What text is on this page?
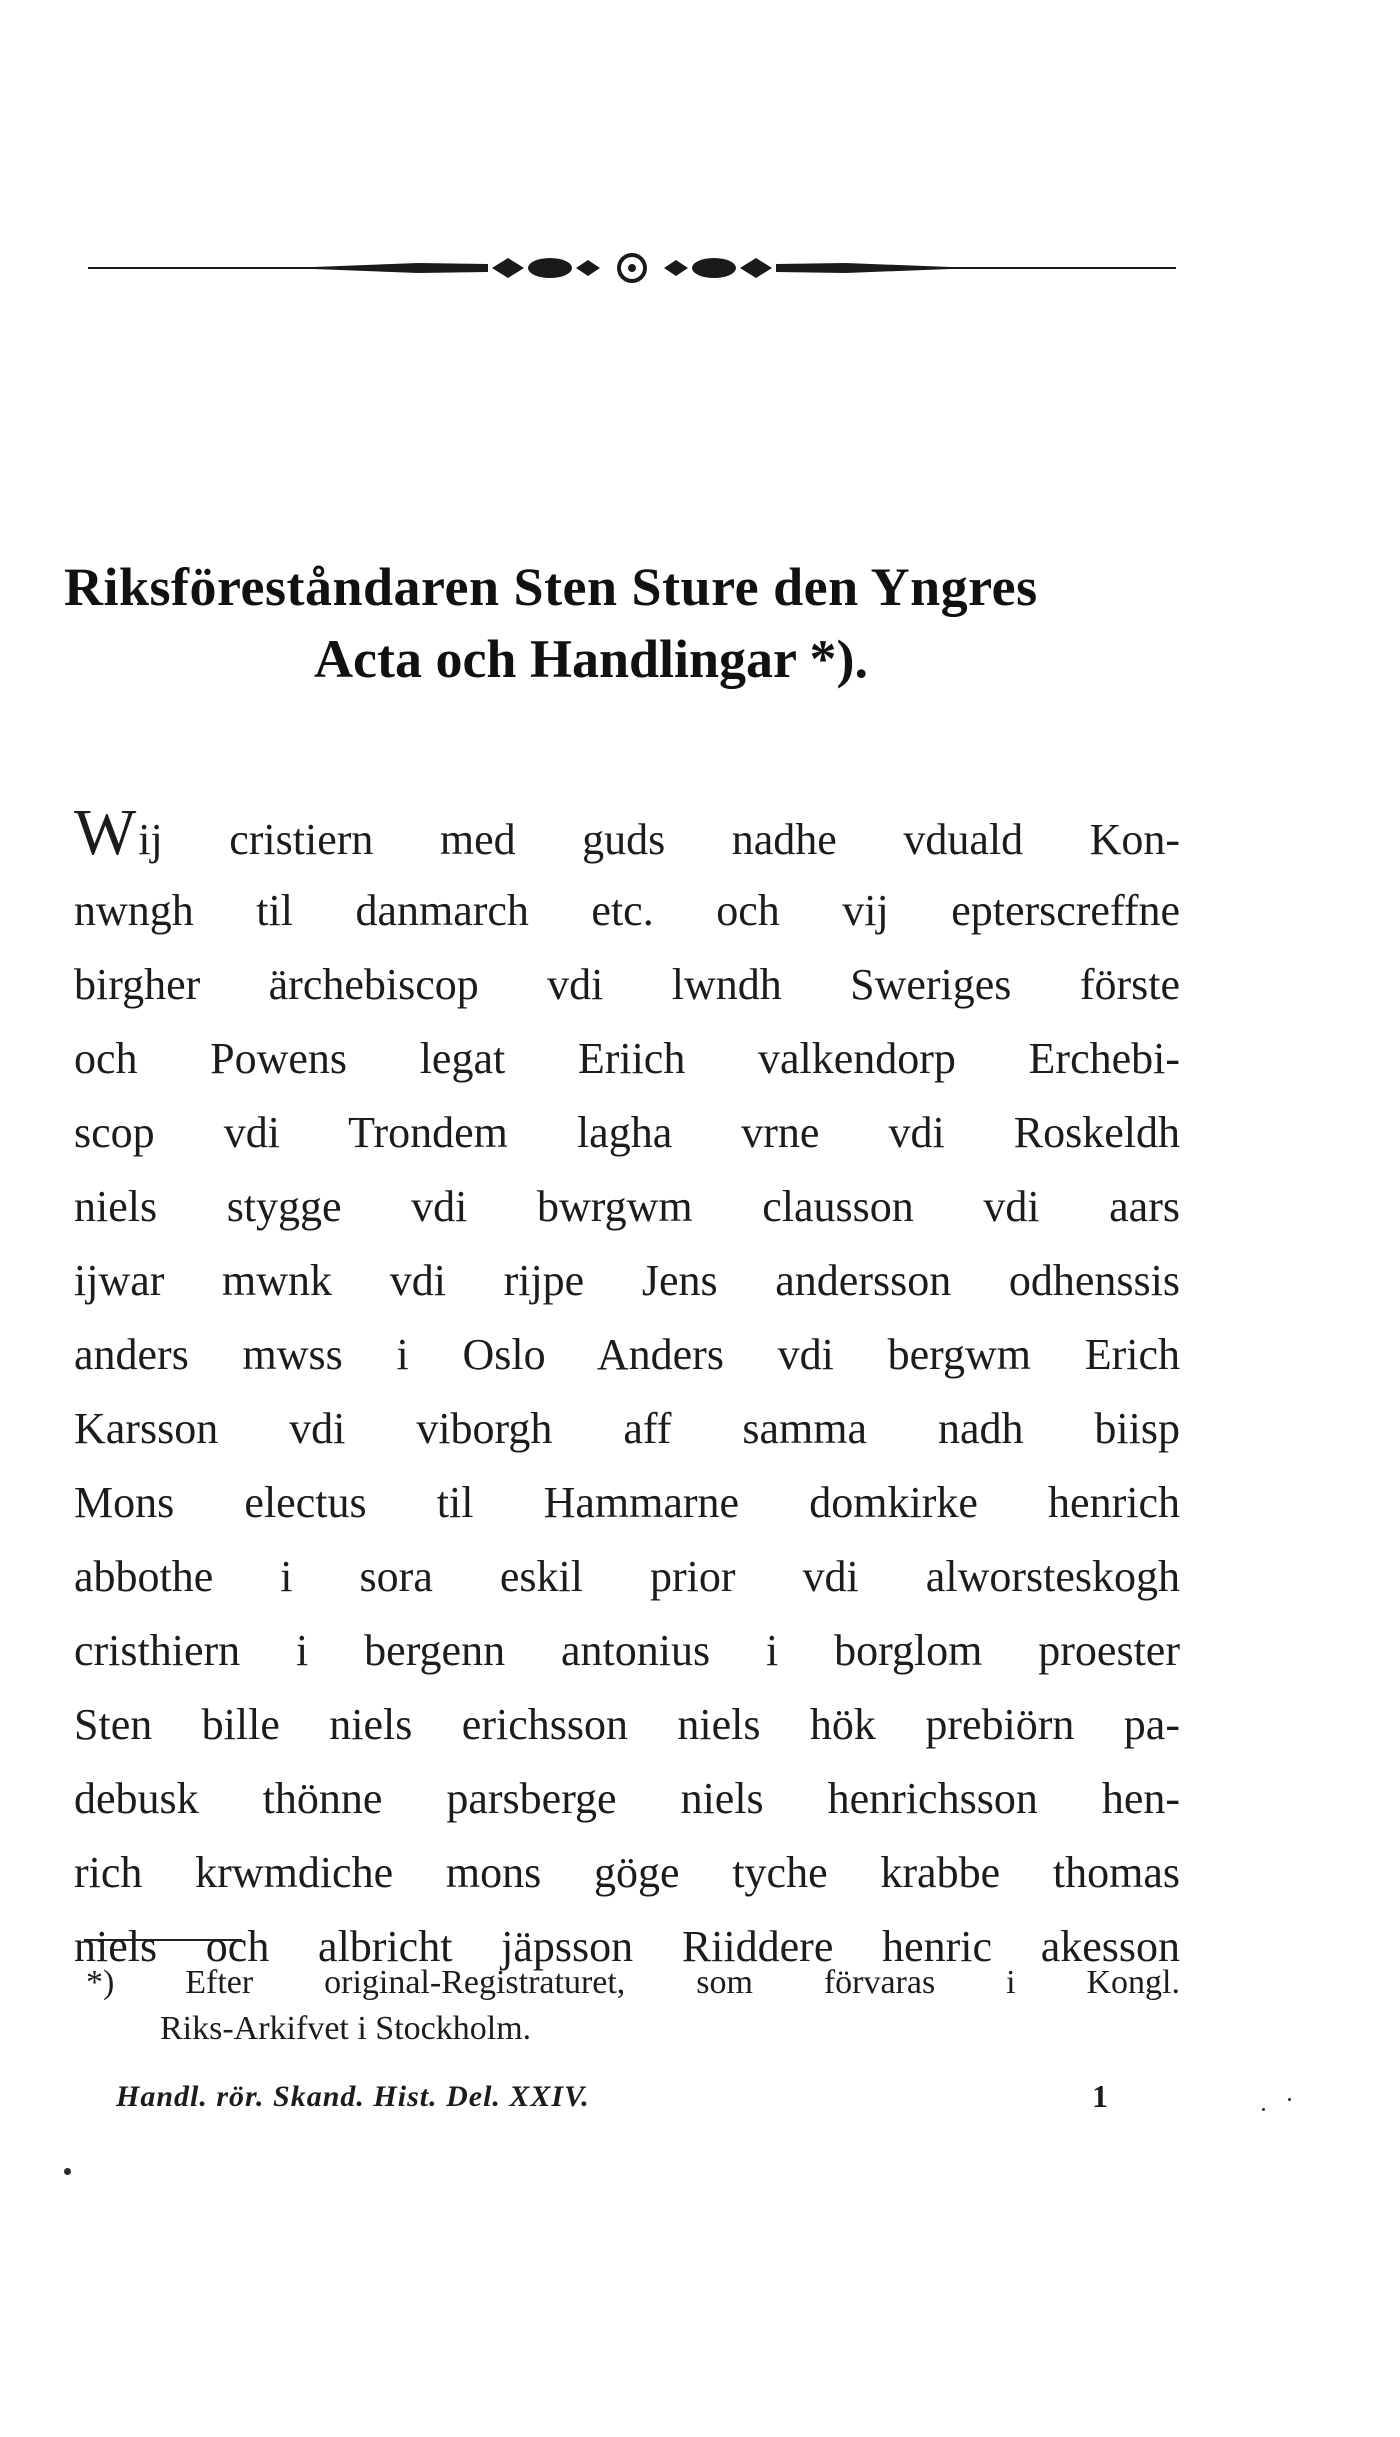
Riksföreståndaren Sten Sture den Yngres
Acta och Handlingar *).
Wij cristiern med guds nadhe vduald Kon-
nwngh til danmarch etc. och vij epterscreffne
birgher ärchebiscop vdi lwndh Sweriges förste
och Powens legat Eriich valkendorp Erchebi-
scop vdi Trondem lagha vrne vdi Roskeldh
niels stygge vdi bwrgwm clausson vdi aars
ijwar mwnk vdi rijpe Jens andersson odhenssis
anders mwss i Oslo Anders vdi bergwm Erich
Karsson vdi viborgh aff samma nadh biisp
Mons electus til Hammarne domkirke henrich
abbothe i sora eskil prior vdi alworsteskogh
cristhiern i bergenn antonius i borglom proester
Sten bille niels erichsson niels hök prebiörn pa-
debusk thönne parsberge niels henrichsson hen-
rich krwmdiche mons göge tyche krabbe thomas
niels och albricht jäpsson Riiddere henric akesson
*) Efter original-Registraturet, som förvaras i Kongl.
Riks-Arkifvet i Stockholm.
Handl. rör. Skand. Hist. Del. XXIV.	1
